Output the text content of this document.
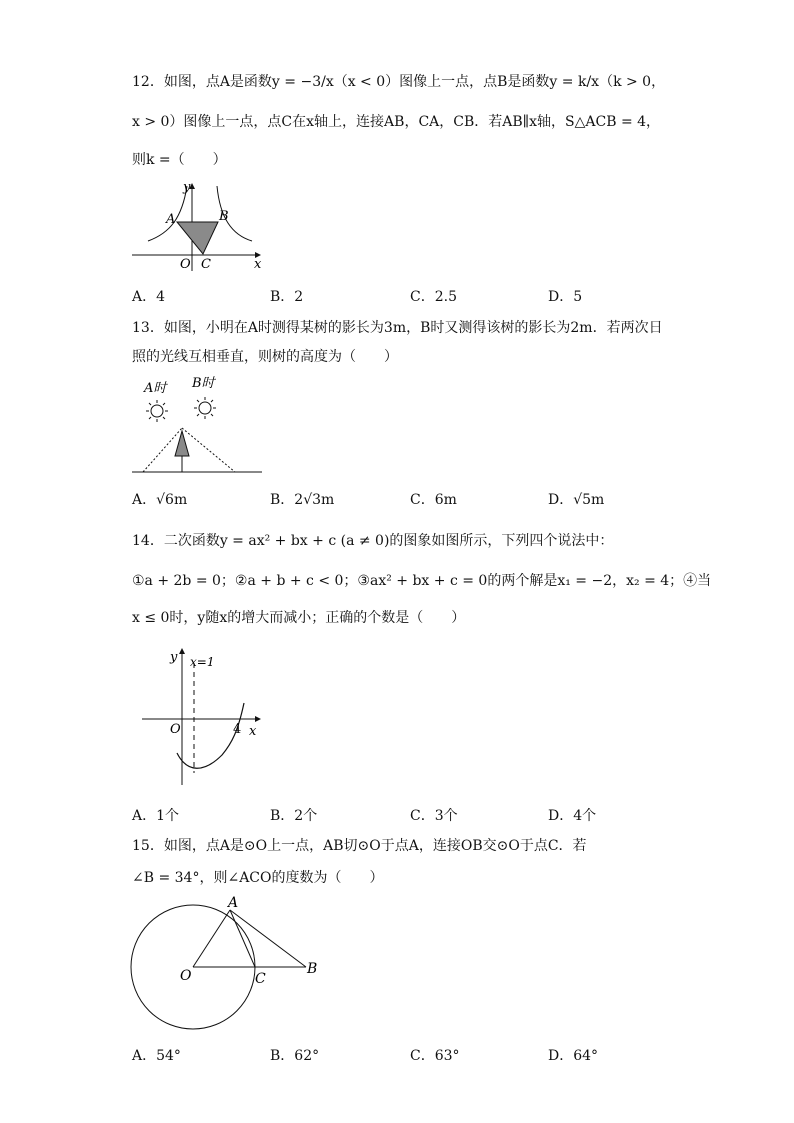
12．如图，点A是函数y = −3/x（x < 0）图像上一点，点B是函数y = k/x（k > 0，
x > 0）图像上一点，点C在x轴上，连接AB，CA，CB．若AB∥x轴，S△ACB = 4，
则k =（　　）
y
A	B
O C	x
A．4	B．2	C．2.5	D．5
13．如图，小明在A时测得某树的影长为3m，B时又测得该树的影长为2m．若两次日
照的光线互相垂直，则树的高度为（　　）
A时 B时
A．√6m	B．2√3m	C．6m	D．√5m
14．二次函数y = ax² + bx + c (a ≠ 0)的图象如图所示，下列四个说法中：
①a + 2b = 0；②a + b + c < 0；③ax² + bx + c = 0的两个解是x₁ = −2，x₂ = 4；④当
x ≤ 0时，y随x的增大而减小；正确的个数是（　　）
y x=1
O	4 x
A．1个	B．2个	C．3个	D．4个
15．如图，点A是⊙O上一点，AB切⊙O于点A，连接OB交⊙O于点C．若
∠B = 34°，则∠ACO的度数为（　　）
A
O	C
B
A．54°	B．62°	C．63°	D．64°
